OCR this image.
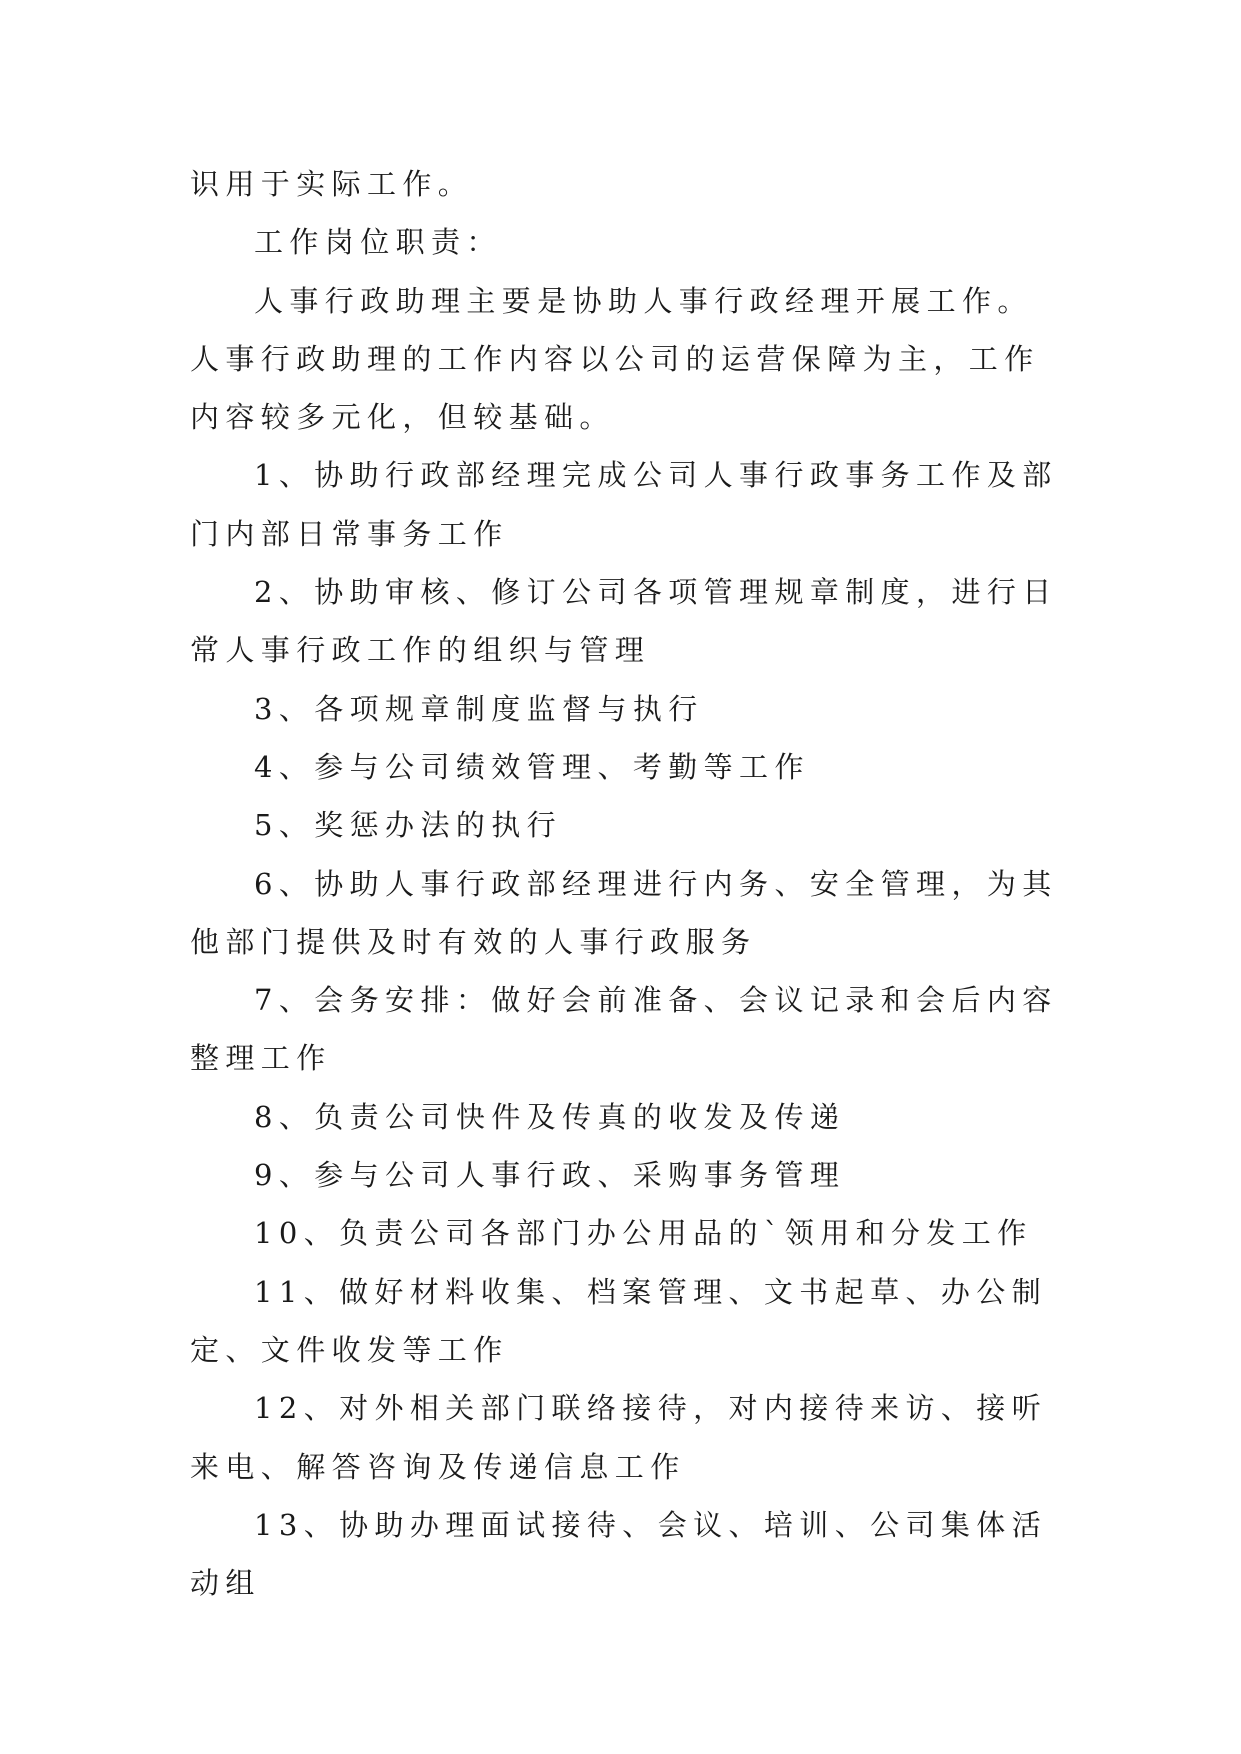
识用于实际工作。

工作岗位职责：

人事行政助理主要是协助人事行政经理开展工作。人事行政助理的工作内容以公司的运营保障为主，工作内容较多元化，但较基础。

1、协助行政部经理完成公司人事行政事务工作及部门内部日常事务工作

2、协助审核、修订公司各项管理规章制度，进行日常人事行政工作的组织与管理

3、各项规章制度监督与执行

4、参与公司绩效管理、考勤等工作

5、奖惩办法的执行

6、协助人事行政部经理进行内务、安全管理，为其他部门提供及时有效的人事行政服务

7、会务安排：做好会前准备、会议记录和会后内容整理工作

8、负责公司快件及传真的收发及传递

9、参与公司人事行政、采购事务管理

10、负责公司各部门办公用品的`领用和分发工作

11、做好材料收集、档案管理、文书起草、办公制定、文件收发等工作

12、对外相关部门联络接待，对内接待来访、接听来电、解答咨询及传递信息工作

13、协助办理面试接待、会议、培训、公司集体活动组
